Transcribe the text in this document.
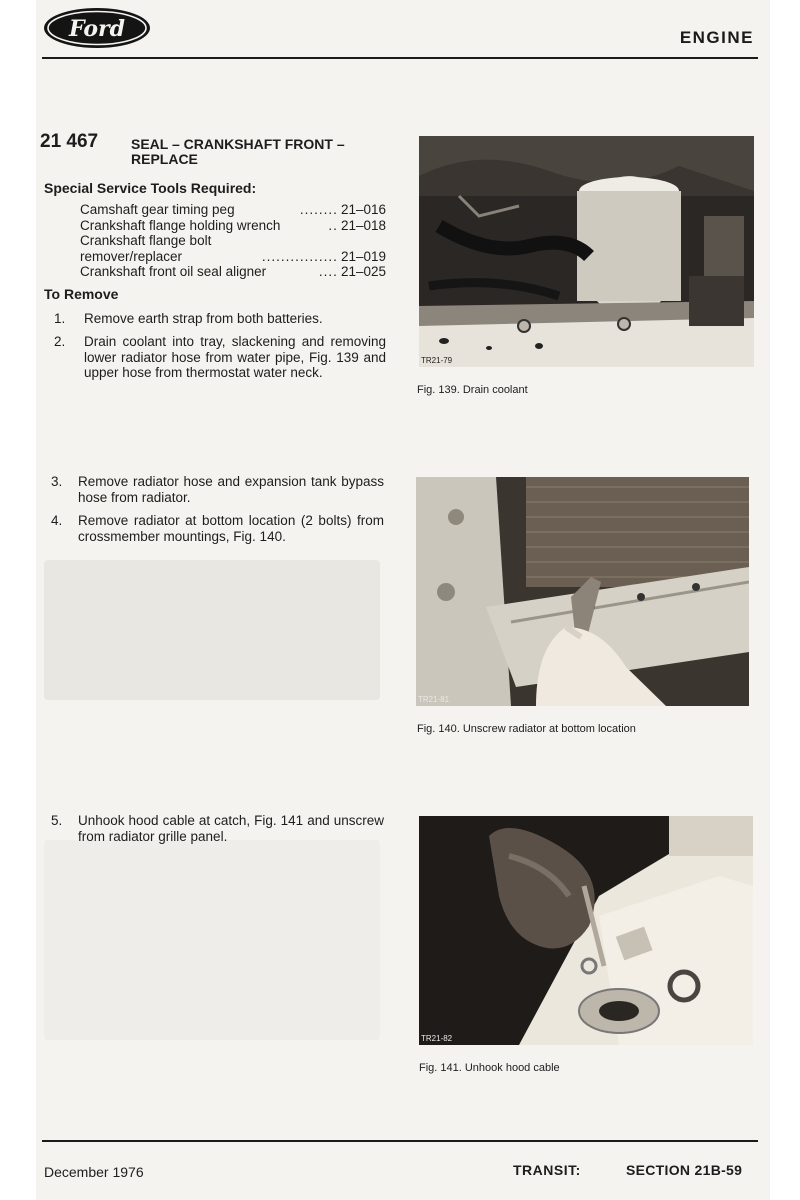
Ford	ENGINE
21 467 SEAL – CRANKSHAFT FRONT – REPLACE
Special Service Tools Required:
Camshaft gear timing peg	........ 21–016
Crankshaft flange holding wrench	.. 21–018
Crankshaft flange bolt
remover/replacer	................ 21–019
Crankshaft front oil seal aligner	.... 21–025
To Remove
1.	Remove earth strap from both batteries.
2.	Drain coolant into tray, slackening and removing lower radiator hose from water pipe, Fig. 139 and upper hose from thermostat water neck.
3.	Remove radiator hose and expansion tank bypass hose from radiator.
4.	Remove radiator at bottom location (2 bolts) from crossmember mountings, Fig. 140.
5.	Unhook hood cable at catch, Fig. 141 and unscrew from radiator grille panel.
TR21-79
Fig. 139. Drain coolant
TR21-81
Fig. 140. Unscrew radiator at bottom location
TR21-82
Fig. 141. Unhook hood cable
December 1976	TRANSIT:	SECTION 21B-59
